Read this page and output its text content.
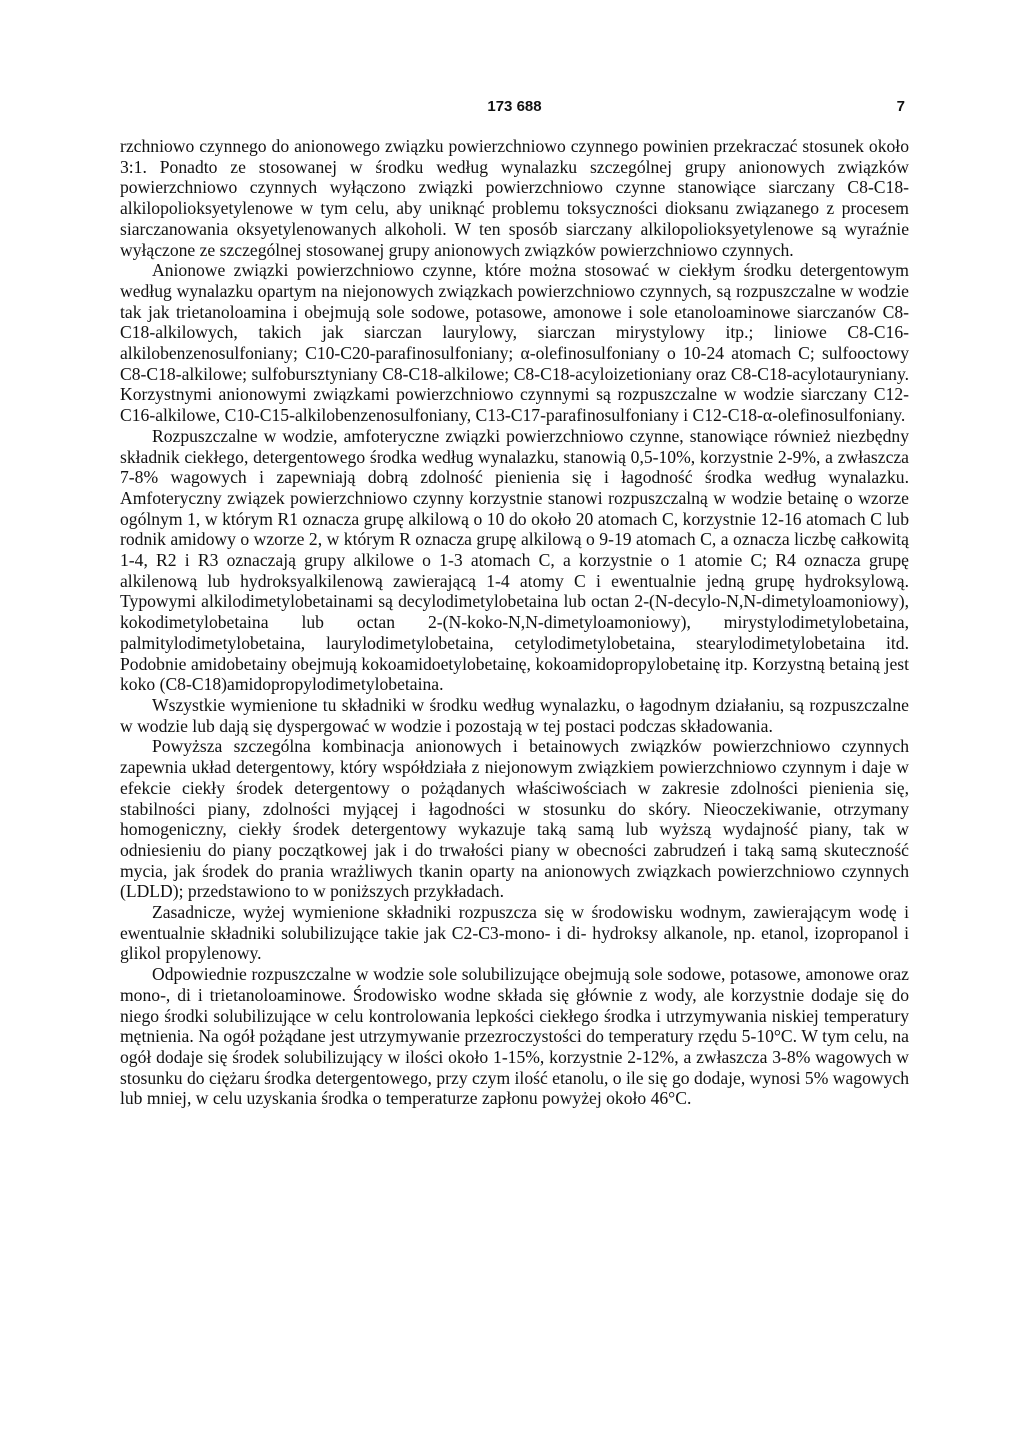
173 688	7

rzchniowo czynnego do anionowego związku powierzchniowo czynnego powinien przekraczać stosunek około 3:1. Ponadto ze stosowanej w środku według wynalazku szczególnej grupy anionowych związków powierzchniowo czynnych wyłączono związki powierzchniowo czynne stanowiące siarczany C8-C18-alkilopolioksyetylenowe w tym celu, aby uniknąć problemu toksyczności dioksanu związanego z procesem siarczanowania oksyetylenowanych alkoholi. W ten sposób siarczany alkilopolioksyetylenowe są wyraźnie wyłączone ze szczególnej stosowanej grupy anionowych związków powierzchniowo czynnych.

Anionowe związki powierzchniowo czynne, które można stosować w ciekłym środku detergentowym według wynalazku opartym na niejonowych związkach powierzchniowo czynnych, są rozpuszczalne w wodzie tak jak trietanoloamina i obejmują sole sodowe, potasowe, amonowe i sole etanoloaminowe siarczanów C8-C18-alkilowych, takich jak siarczan laurylowy, siarczan mirystylowy itp.; liniowe C8-C16-alkilobenzenosulfoniany; C10-C20-parafinosulfoniany; α-olefinosulfoniany o 10-24 atomach C; sulfooctowy C8-C18-alkilowe; sulfobursztyniany C8-C18-alkilowe; C8-C18-acyloizetioniany oraz C8-C18-acylotauryniany. Korzystnymi anionowymi związkami powierzchniowo czynnymi są rozpuszczalne w wodzie siarczany C12-C16-alkilowe, C10-C15-alkilobenzenosulfoniany, C13-C17-parafinosulfoniany i C12-C18-α-olefinosulfoniany.

Rozpuszczalne w wodzie, amfoteryczne związki powierzchniowo czynne, stanowiące również niezbędny składnik ciekłego, detergentowego środka według wynalazku, stanowią 0,5-10%, korzystnie 2-9%, a zwłaszcza 7-8% wagowych i zapewniają dobrą zdolność pienienia się i łagodność środka według wynalazku. Amfoteryczny związek powierzchniowo czynny korzystnie stanowi rozpuszczalną w wodzie betainę o wzorze ogólnym 1, w którym R1 oznacza grupę alkilową o 10 do około 20 atomach C, korzystnie 12-16 atomach C lub rodnik amidowy o wzorze 2, w którym R oznacza grupę alkilową o 9-19 atomach C, a oznacza liczbę całkowitą 1-4, R2 i R3 oznaczają grupy alkilowe o 1-3 atomach C, a korzystnie o 1 atomie C; R4 oznacza grupę alkilenową lub hydroksyalkilenową zawierającą 1-4 atomy C i ewentualnie jedną grupę hydroksylową. Typowymi alkilodimetylobetainami są decylodimetylobetaina lub octan 2-(N-decylo-N,N-dimetyloamoniowy), kokodimetylobetaina lub octan 2-(N-koko-N,N-dimetyloamoniowy), mirystylodimetylobetaina, palmitylodimetylobetaina, laurylodimetylobetaina, cetylodimetylobetaina, stearylodimetylobetaina itd. Podobnie amidobetainy obejmują kokoamidoetylobetainę, kokoamidopropylobetainę itp. Korzystną betainą jest koko (C8-C18)amidopropylodimetylobetaina.

Wszystkie wymienione tu składniki w środku według wynalazku, o łagodnym działaniu, są rozpuszczalne w wodzie lub dają się dyspergować w wodzie i pozostają w tej postaci podczas składowania.

Powyższa szczególna kombinacja anionowych i betainowych związków powierzchniowo czynnych zapewnia układ detergentowy, który współdziała z niejonowym związkiem powierzchniowo czynnym i daje w efekcie ciekły środek detergentowy o pożądanych właściwościach w zakresie zdolności pienienia się, stabilności piany, zdolności myjącej i łagodności w stosunku do skóry. Nieoczekiwanie, otrzymany homogeniczny, ciekły środek detergentowy wykazuje taką samą lub wyższą wydajność piany, tak w odniesieniu do piany początkowej jak i do trwałości piany w obecności zabrudzeń i taką samą skuteczność mycia, jak środek do prania wrażliwych tkanin oparty na anionowych związkach powierzchniowo czynnych (LDLD); przedstawiono to w poniższych przykładach.

Zasadnicze, wyżej wymienione składniki rozpuszcza się w środowisku wodnym, zawierającym wodę i ewentualnie składniki solubilizujące takie jak C2-C3-mono- i di- hydroksy alkanole, np. etanol, izopropanol i glikol propylenowy.

Odpowiednie rozpuszczalne w wodzie sole solubilizujące obejmują sole sodowe, potasowe, amonowe oraz mono-, di i trietanoloaminowe. Środowisko wodne składa się głównie z wody, ale korzystnie dodaje się do niego środki solubilizujące w celu kontrolowania lepkości ciekłego środka i utrzymywania niskiej temperatury mętnienia. Na ogół pożądane jest utrzymywanie przezroczystości do temperatury rzędu 5-10°C. W tym celu, na ogół dodaje się środek solubilizujący w ilości około 1-15%, korzystnie 2-12%, a zwłaszcza 3-8% wagowych w stosunku do ciężaru środka detergentowego, przy czym ilość etanolu, o ile się go dodaje, wynosi 5% wagowych lub mniej, w celu uzyskania środka o temperaturze zapłonu powyżej około 46°C.
